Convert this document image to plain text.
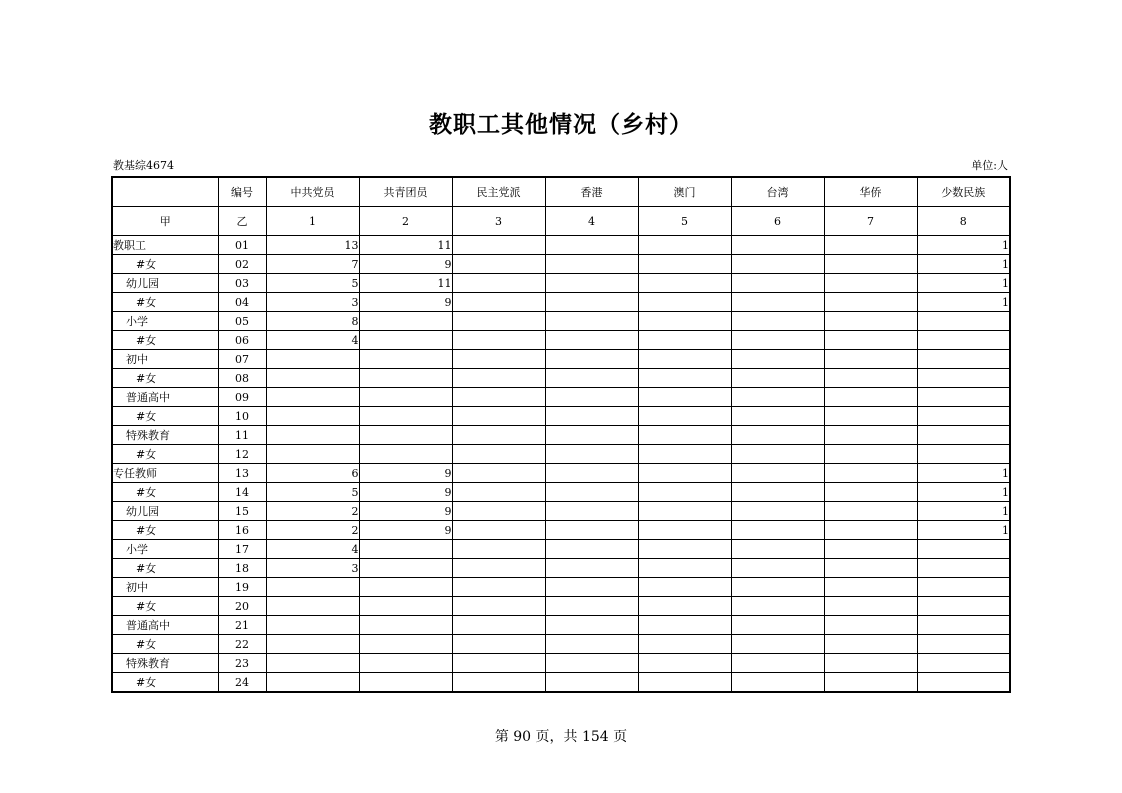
教职工其他情况（乡村）
教基综4674	单位:人
	编号	中共党员	共青团员	民主党派	香港	澳门	台湾	华侨	少数民族
甲	乙	1	2	3	4	5	6	7	8
教职工	01	13	11						1
#女	02	7	9						1
幼儿园	03	5	11						1
#女	04	3	9						1
小学	05	8							
#女	06	4							
初中	07								
#女	08								
普通高中	09								
#女	10								
特殊教育	11								
#女	12								
专任教师	13	6	9						1
#女	14	5	9						1
幼儿园	15	2	9						1
#女	16	2	9						1
小学	17	4							
#女	18	3							
初中	19								
#女	20								
普通高中	21								
#女	22								
特殊教育	23								
#女	24								
第 90 页，共 154 页
